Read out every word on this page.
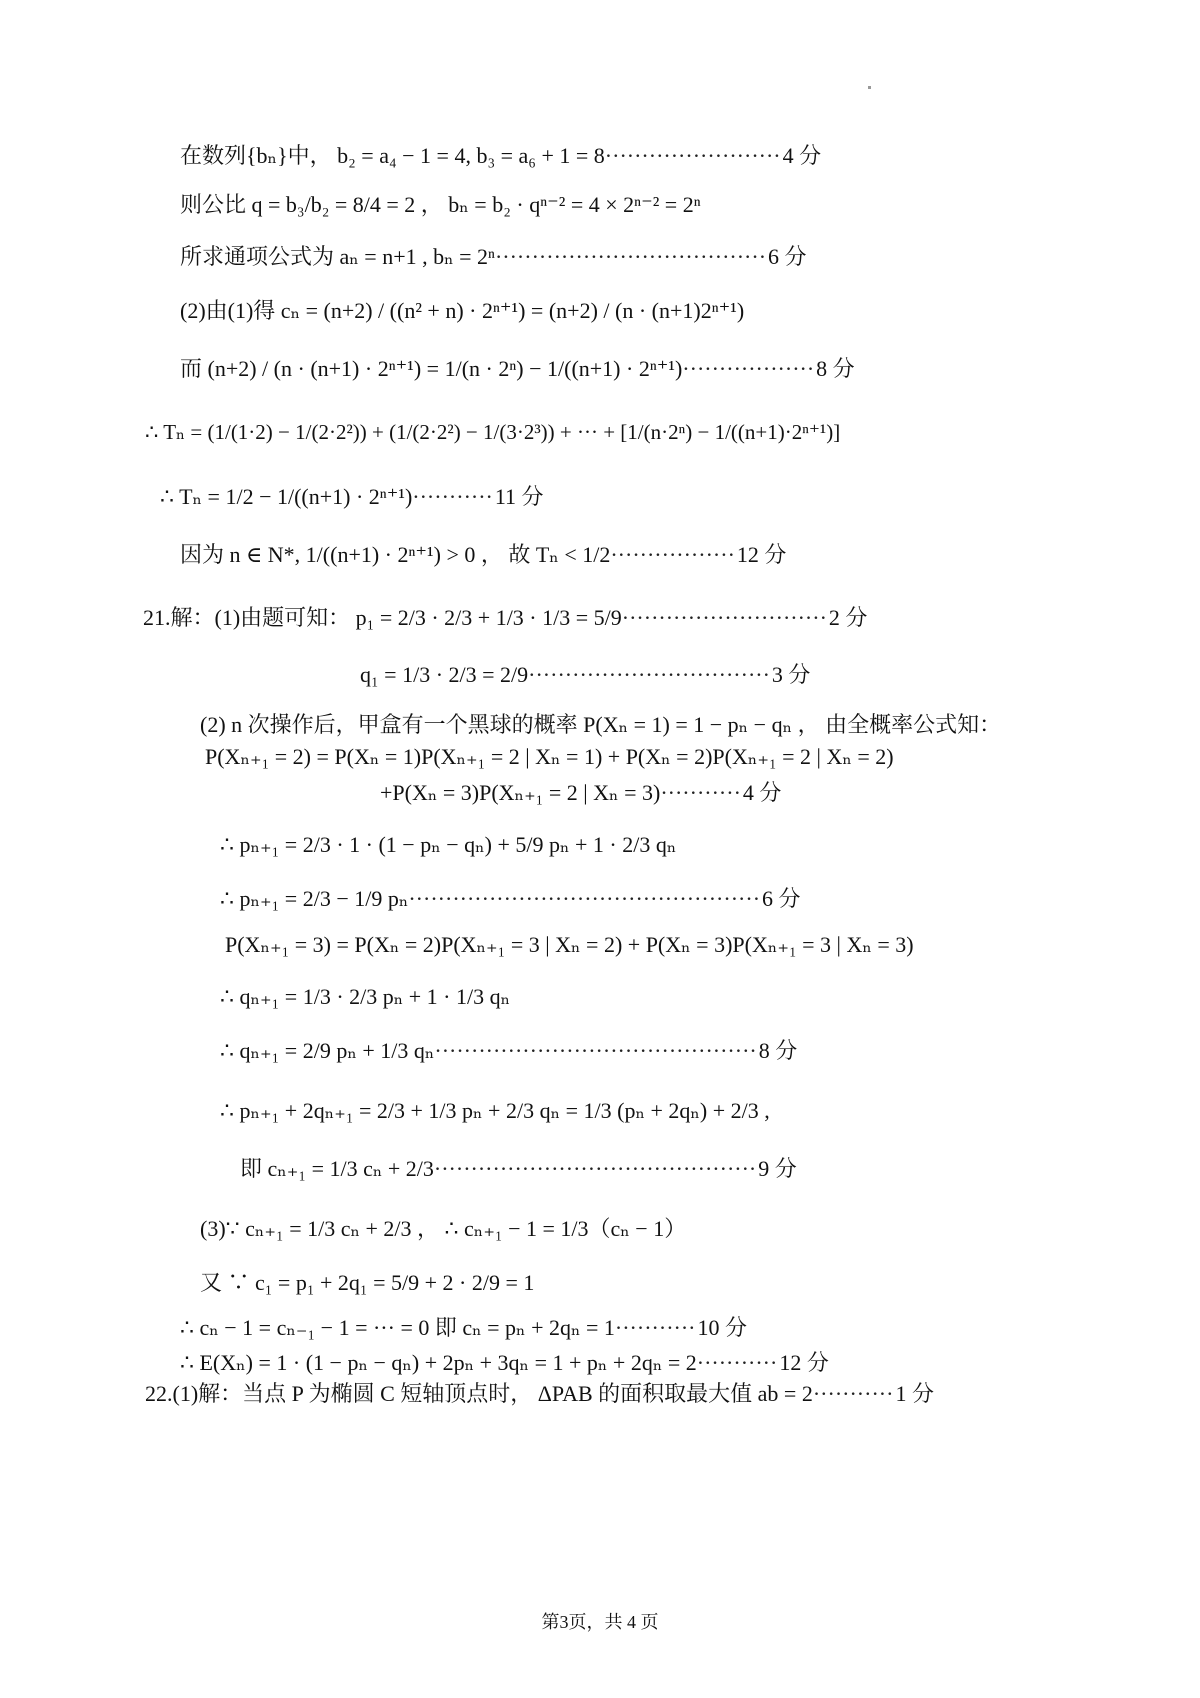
在数列{bₙ}中， b₂ = a₄ − 1 = 4, b₃ = a₆ + 1 = 8························4 分
则公比 q = b₃/b₂ = 8/4 = 2 ， bₙ = b₂ · qⁿ⁻² = 4 × 2ⁿ⁻² = 2ⁿ
所求通项公式为 aₙ = n+1 , bₙ = 2ⁿ·····································6 分
(2)由(1)得 cₙ = (n+2) / ((n² + n) · 2ⁿ⁺¹) = (n+2) / (n · (n+1)2ⁿ⁺¹)
而 (n+2) / (n · (n+1) · 2ⁿ⁺¹) = 1/(n · 2ⁿ) − 1/((n+1) · 2ⁿ⁺¹)··················8 分
∴ Tₙ = (1/(1·2) − 1/(2·2²)) + (1/(2·2²) − 1/(3·2³)) + ··· + [1/(n·2ⁿ) − 1/((n+1)·2ⁿ⁺¹)]
∴ Tₙ = 1/2 − 1/((n+1) · 2ⁿ⁺¹)···········11 分
因为 n ∈ N*, 1/((n+1) · 2ⁿ⁺¹) > 0 ， 故 Tₙ < 1/2·················12 分
21.解：(1)由题可知： p₁ = 2/3 · 2/3 + 1/3 · 1/3 = 5/9····························2 分
q₁ = 1/3 · 2/3 = 2/9·································3 分
(2) n 次操作后，甲盒有一个黑球的概率 P(Xₙ = 1) = 1 − pₙ − qₙ ， 由全概率公式知：
P(Xₙ₊₁ = 2) = P(Xₙ = 1)P(Xₙ₊₁ = 2 | Xₙ = 1) + P(Xₙ = 2)P(Xₙ₊₁ = 2 | Xₙ = 2)
+P(Xₙ = 3)P(Xₙ₊₁ = 2 | Xₙ = 3)···········4 分
∴ pₙ₊₁ = 2/3 · 1 · (1 − pₙ − qₙ) + 5/9 pₙ + 1 · 2/3 qₙ
∴ pₙ₊₁ = 2/3 − 1/9 pₙ················································6 分
P(Xₙ₊₁ = 3) = P(Xₙ = 2)P(Xₙ₊₁ = 3 | Xₙ = 2) + P(Xₙ = 3)P(Xₙ₊₁ = 3 | Xₙ = 3)
∴ qₙ₊₁ = 1/3 · 2/3 pₙ + 1 · 1/3 qₙ
∴ qₙ₊₁ = 2/9 pₙ + 1/3 qₙ············································8 分
∴ pₙ₊₁ + 2qₙ₊₁ = 2/3 + 1/3 pₙ + 2/3 qₙ = 1/3 (pₙ + 2qₙ) + 2/3 ,
即 cₙ₊₁ = 1/3 cₙ + 2/3············································9 分
(3)∵ cₙ₊₁ = 1/3 cₙ + 2/3 ， ∴ cₙ₊₁ − 1 = 1/3（cₙ − 1）
又 ∵ c₁ = p₁ + 2q₁ = 5/9 + 2 · 2/9 = 1
∴ cₙ − 1 = cₙ₋₁ − 1 = ··· = 0 即 cₙ = pₙ + 2qₙ = 1···········10 分
∴ E(Xₙ) = 1 · (1 − pₙ − qₙ) + 2pₙ + 3qₙ = 1 + pₙ + 2qₙ = 2···········12 分
22.(1)解：当点 P 为椭圆 C 短轴顶点时， ΔPAB 的面积取最大值 ab = 2···········1 分
第3页，共 4 页
